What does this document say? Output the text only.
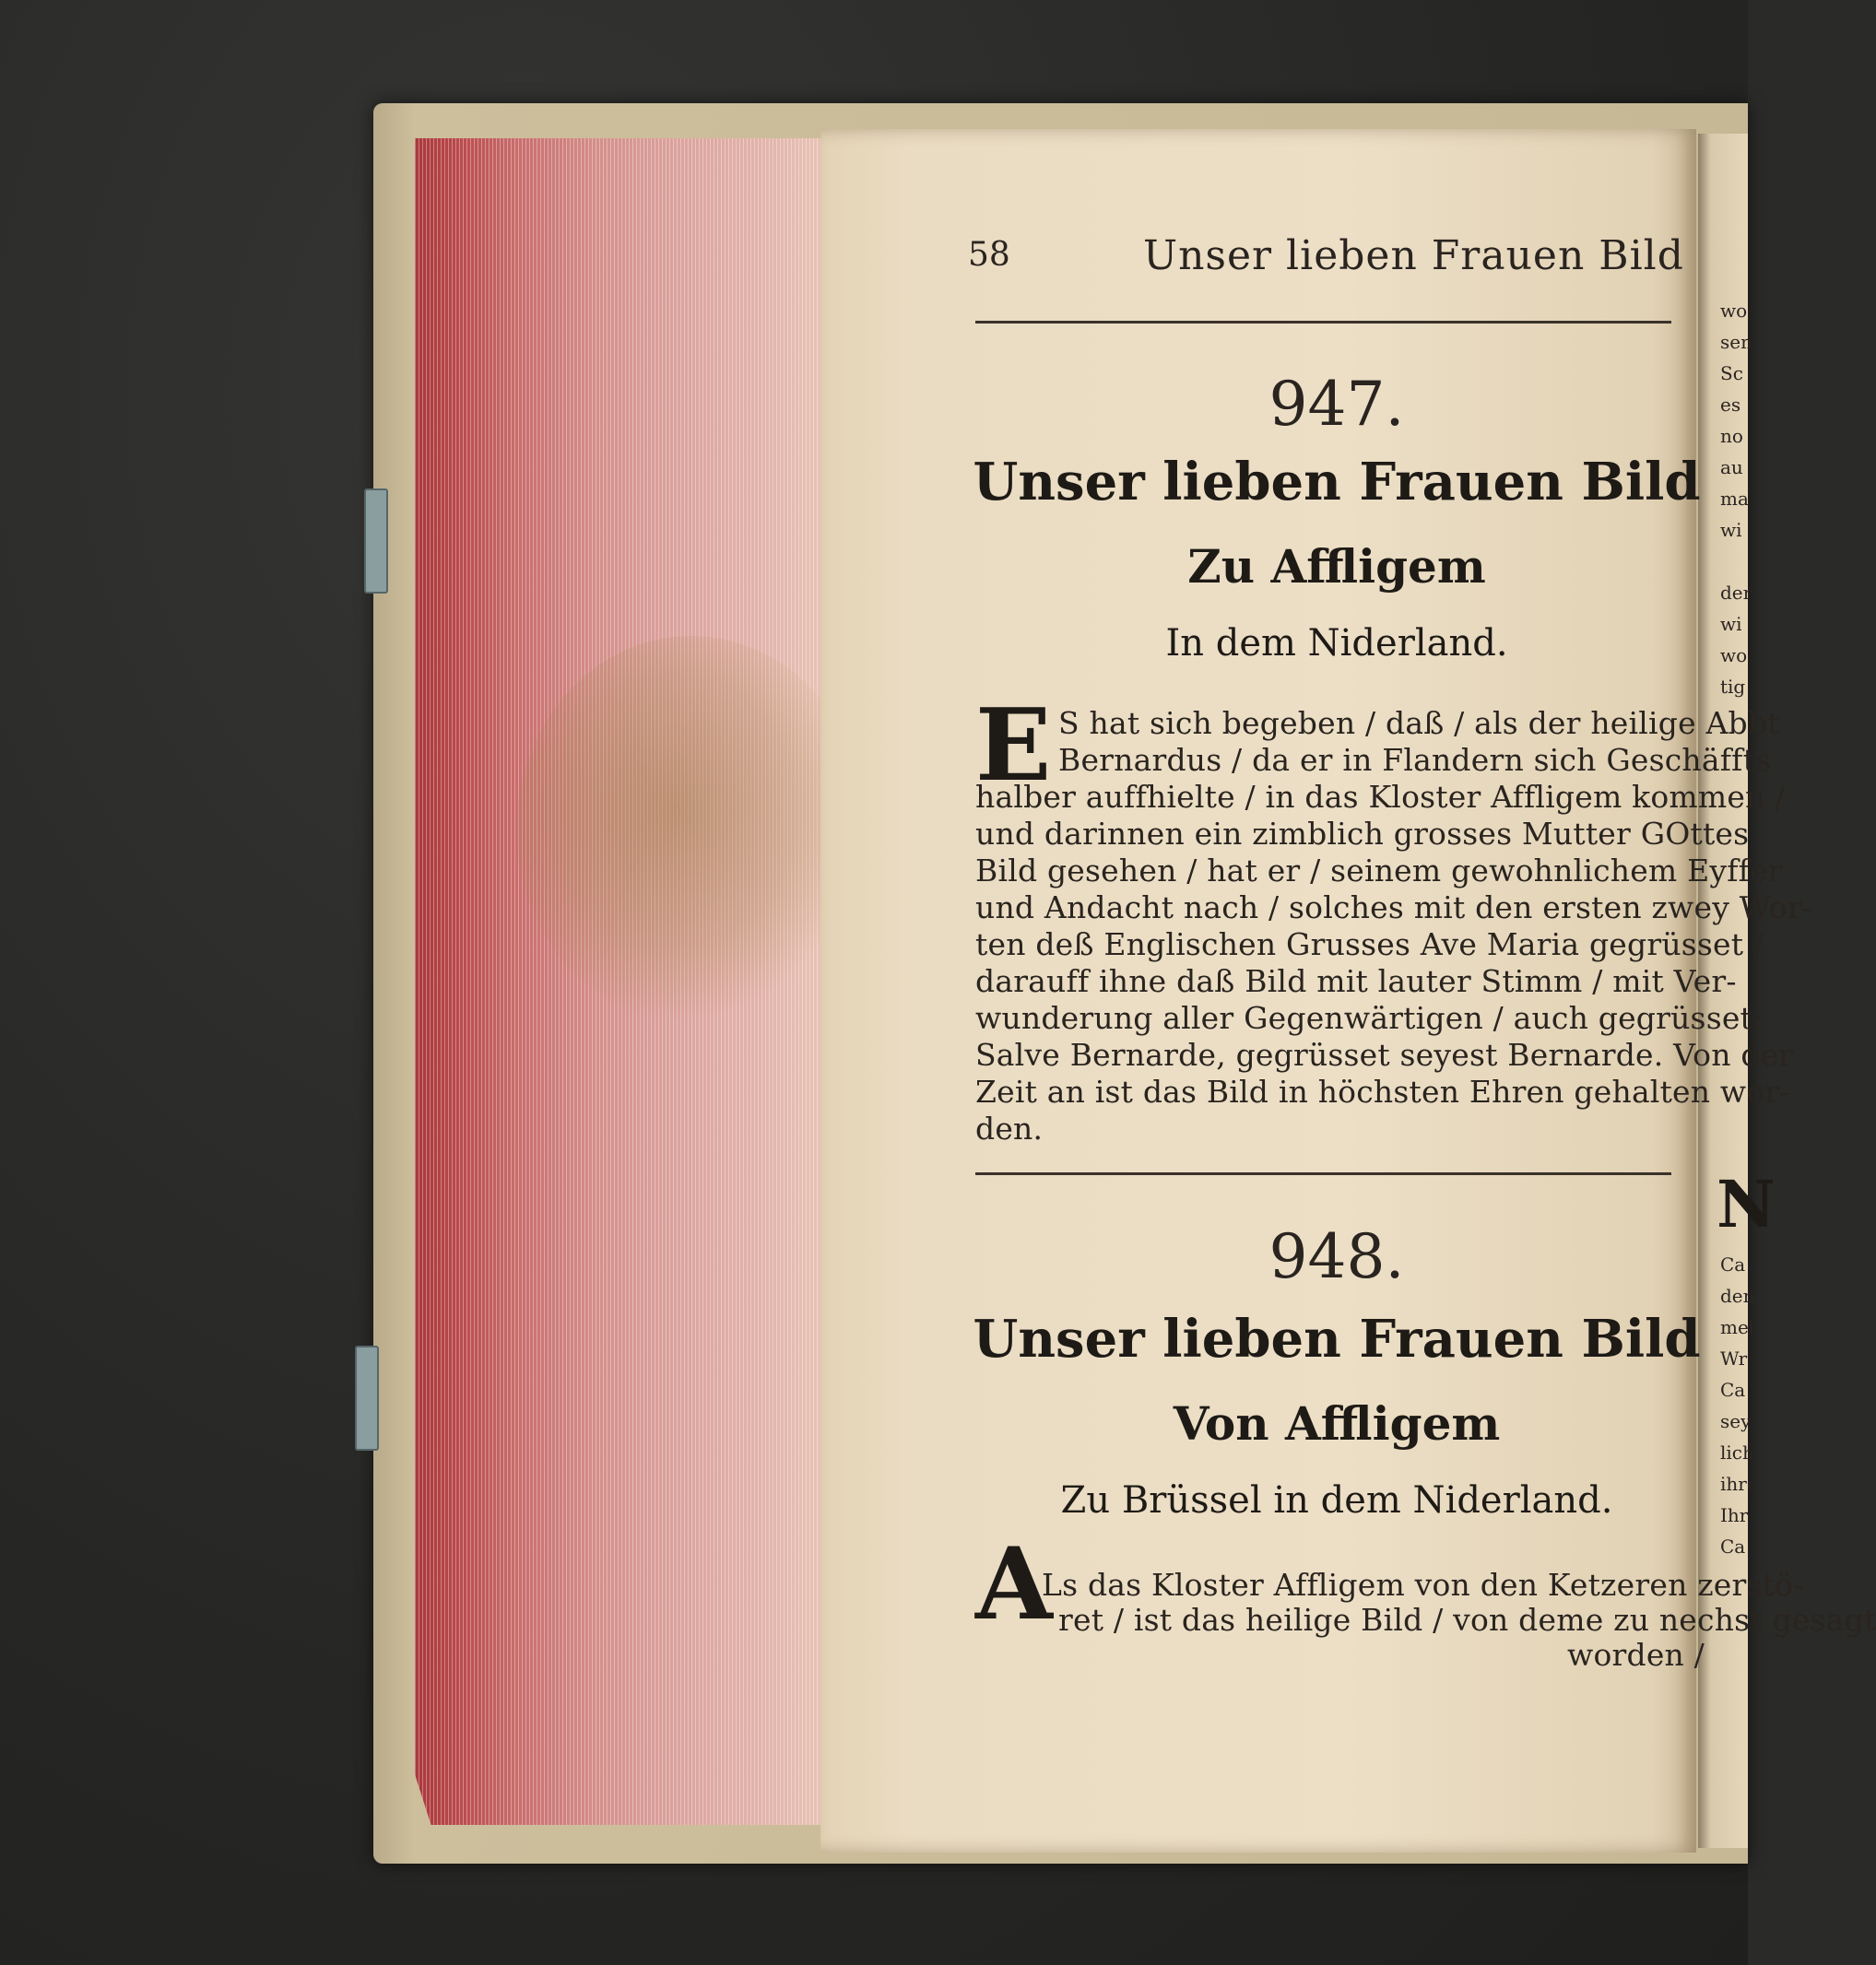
wo
sen
Sc
es
no
au
ma
wi

der
wi
wo
tig
N
Ca
den
mel
Wr
Ca
sey
lich
ihre
Ihr
Ca
58	Unser lieben Frauen Bild
947.
Unser lieben Frauen Bild
Zu Affligem
In dem Niderland.
E S hat sich begeben / daß / als der heilige Abbt
Bernardus / da er in Flandern sich Geschäffts
halber auffhielte / in das Kloster Affligem kommen /
und darinnen ein zimblich grosses Mutter GOttes
Bild gesehen / hat er / seinem gewohnlichem Eyffer
und Andacht nach / solches mit den ersten zwey Wor-
ten deß Englischen Grusses Ave Maria gegrüsset /
darauff ihne daß Bild mit lauter Stimm / mit Ver-
wunderung aller Gegenwärtigen / auch gegrüsset:
Salve Bernarde, gegrüsset seyest Bernarde. Von der
Zeit an ist das Bild in höchsten Ehren gehalten wor-
den.
948.
Unser lieben Frauen Bild
Von Affligem
Zu Brüssel in dem Niderland.
A
Ls das Kloster Affligem von den Ketzeren zerstö-
ret / ist das heilige Bild / von deme zu nechst gesagt
worden /
